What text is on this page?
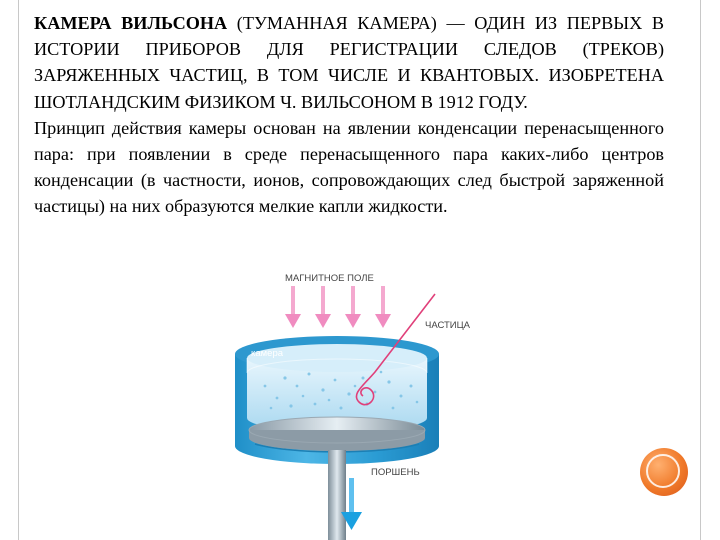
КАМЕРА ВИЛЬСОНА (ТУМАННАЯ КАМЕРА) — ОДИН ИЗ ПЕРВЫХ В ИСТОРИИ ПРИБОРОВ ДЛЯ РЕГИСТРАЦИИ СЛЕДОВ (ТРЕКОВ) ЗАРЯЖЕННЫХ ЧАСТИЦ, В ТОМ ЧИСЛЕ И КВАНТОВЫХ. ИЗОБРЕТЕНА ШОТЛАНДСКИМ ФИЗИКОМ Ч. ВИЛЬСОНОМ В 1912 ГОДУ.

Принцип действия камеры основан на явлении конденсации перенасыщенного пара: при появлении в среде перенасыщенного пара каких-либо центров конденсации (в частности, ионов, сопровождающих след быстрой заряженной частицы) на них образуются мелкие капли жидкости.

МАГНИТНОЕ ПОЛЕ
ЧАСТИЦА
камера
ПОРШЕНЬ
